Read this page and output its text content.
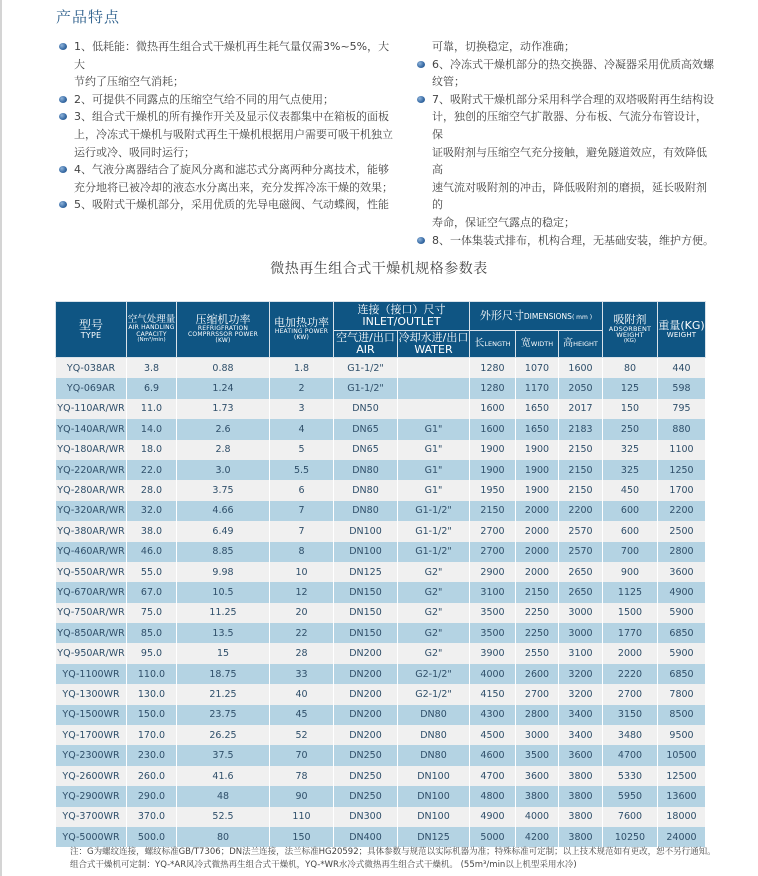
产品特点
1、低耗能：微热再生组合式干燥机再生耗气量仅需3%~5%，大大
节约了压缩空气消耗；
2、可提供不同露点的压缩空气给不同的用气点使用；
3、组合式干燥机的所有操作开关及显示仪表都集中在箱板的面板
上，冷冻式干燥机与吸附式再生干燥机根据用户需要可吸干机独立
运行或冷、吸同时运行；
4、气液分离器结合了旋风分离和滤芯式分离两种分离技术，能够
充分地将已被冷却的液态水分离出来，充分发挥冷冻干燥的效果；
5、吸附式干燥机部分，采用优质的先导电磁阀、气动蝶阀，性能
可靠，切换稳定，动作准确；
6、冷冻式干燥机部分的热交换器、冷凝器采用优质高效螺
纹管；
7、吸附式干燥机部分采用科学合理的双塔吸附再生结构设
计，独创的压缩空气扩散器、分布板、气流分布管设计，保
证吸附剂与压缩空气充分接触，避免隧道效应，有效降低高
速气流对吸附剂的冲击，降低吸附剂的磨损，延长吸附剂的
寿命，保证空气露点的稳定；
8、一体集装式排布，机构合理，无基础安装，维护方便。
微热再生组合式干燥机规格参数表
型号
TYPE	空气处理量
AIR HANDLING CAPACITY
(Nm³/min)	压缩机功率
REFRIGFRATION COMPRRSSOR POWER
(KW)	电加热功率
HEATING POWER
(KW)	连接（接口）尺寸
INLET/OUTLET		外形尺寸DIMENSIONS( mm )			吸附剂
ADSORBENT WEIGHT
(KG)	重量(KG)
WEIGHT

				空气进/出口
AIR	冷却水进/出口
WATER	长LENGTH	宽WIDTH	高HEIGHT		
YQ-038AR	3.8	0.88	1.8	G1-1/2"		1280	1070	1600	80	440
YQ-069AR	6.9	1.24	2	G1-1/2"		1280	1170	2050	125	598
YQ-110AR/WR	11.0	1.73	3	DN50		1600	1650	2017	150	795
YQ-140AR/WR	14.0	2.6	4	DN65	G1"	1600	1650	2183	250	880
YQ-180AR/WR	18.0	2.8	5	DN65	G1"	1900	1900	2150	325	1100
YQ-220AR/WR	22.0	3.0	5.5	DN80	G1"	1900	1900	2150	325	1250
YQ-280AR/WR	28.0	3.75	6	DN80	G1"	1950	1900	2150	450	1700
YQ-320AR/WR	32.0	4.66	7	DN80	G1-1/2"	2150	2000	2200	600	2200
YQ-380AR/WR	38.0	6.49	7	DN100	G1-1/2"	2700	2000	2570	600	2500
YQ-460AR/WR	46.0	8.85	8	DN100	G1-1/2"	2700	2000	2570	700	2800
YQ-550AR/WR	55.0	9.98	10	DN125	G2"	2900	2000	2650	900	3600
YQ-670AR/WR	67.0	10.5	12	DN150	G2"	3100	2150	2650	1125	4900
YQ-750AR/WR	75.0	11.25	20	DN150	G2"	3500	2250	3000	1500	5900
YQ-850AR/WR	85.0	13.5	22	DN150	G2"	3500	2250	3000	1770	6850
YQ-950AR/WR	95.0	15	28	DN200	G2"	3900	2550	3100	2000	5900
YQ-1100WR	110.0	18.75	33	DN200	G2-1/2"	4000	2600	3200	2220	6850
YQ-1300WR	130.0	21.25	40	DN200	G2-1/2"	4150	2700	3200	2700	7800
YQ-1500WR	150.0	23.75	45	DN200	DN80	4300	2800	3400	3150	8500
YQ-1700WR	170.0	26.25	52	DN200	DN80	4500	3000	3400	3480	9500
YQ-2300WR	230.0	37.5	70	DN250	DN80	4600	3500	3600	4700	10500
YQ-2600WR	260.0	41.6	78	DN250	DN100	4700	3600	3800	5330	12500
YQ-2900WR	290.0	48	90	DN250	DN100	4800	3800	3800	5950	13600
YQ-3700WR	370.0	52.5	110	DN300	DN100	4900	4000	3800	7600	18000
YQ-5000WR	500.0	80	150	DN400	DN125	5000	4200	3800	10250	24000
注：G为螺纹连接，螺纹标准GB/T7306；DN法兰连接，法兰标准HG20592；具体参数与规范以实际机器为准；特殊标准可定制；以上技术规范如有更改，恕不另行通知。
组合式干燥机可定制：YQ-*AR风冷式微热再生组合式干燥机，YQ-*WR水冷式微热再生组合式干燥机。 (55m³/min以上机型采用水冷)
